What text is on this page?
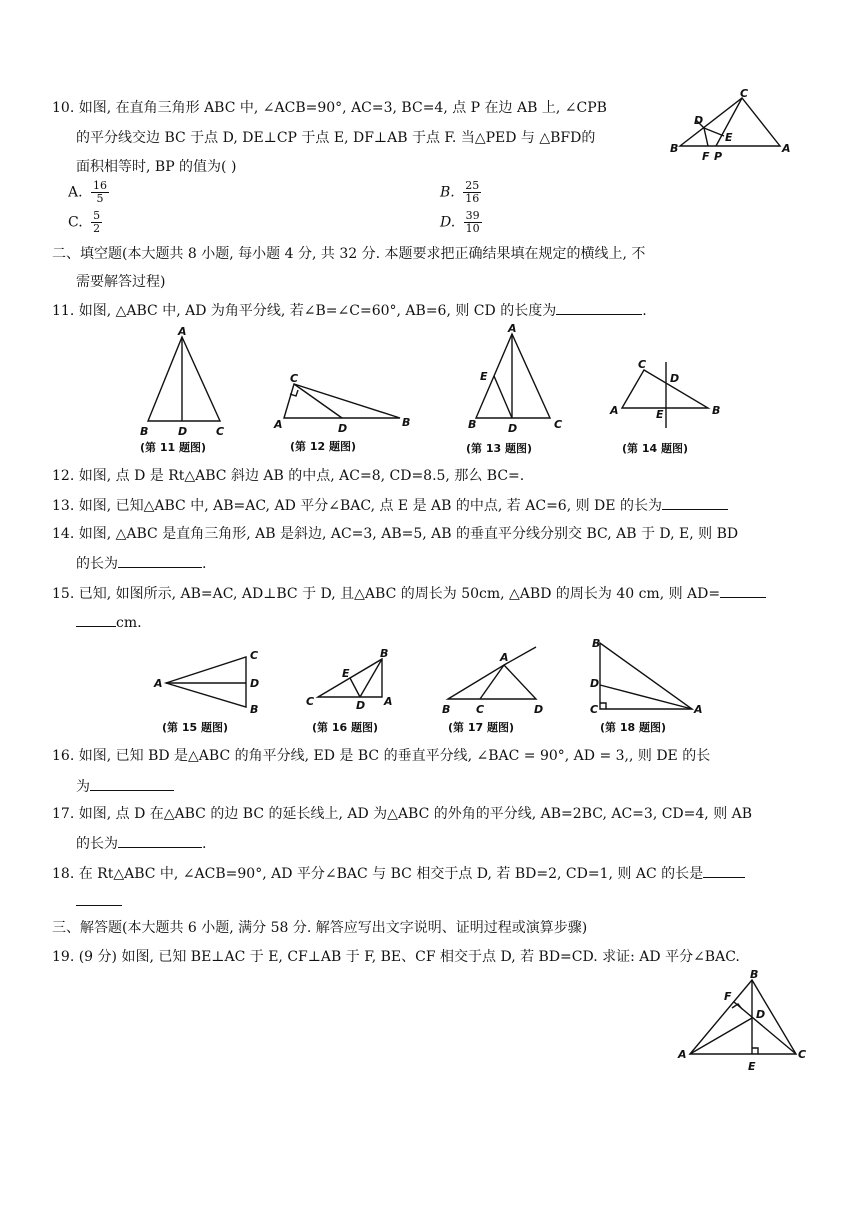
10. 如图, 在直角三角形 ABC 中, ∠ACB=90°, AC=3, BC=4, 点 P 在边 AB 上, ∠CPB
的平分线交边 BC 于点 D, DE⊥CP 于点 E, DF⊥AB 于点 F. 当△PED 与 △BFD的
面积相等时, BP 的值为( )
A. $\frac{16}{5}$	B. $\frac{25}{16}$
C. $\frac{5}{2}$	D. $\frac{39}{10}$
C
D
E
B
F P
A
二、填空题(本大题共 8 小题, 每小题 4 分, 共 32 分. 本题要求把正确结果填在规定的横线上, 不
需要解答过程)
11. 如图, △ABC 中, AD 为角平分线, 若∠B=∠C=60°, AB=6, 则 CD 的长度为	.
A
B	D	C
(第 11 题图)
C
A	D	B
(第 12 题图)
A
E
B	D	C
(第 13 题图)
C
D
A	E	B
(第 14 题图)
12. 如图, 点 D 是 Rt△ABC 斜边 AB 的中点, AC=8, CD=8.5, 那么 BC=.
13. 如图, 已知△ABC 中, AB=AC, AD 平分∠BAC, 点 E 是 AB 的中点, 若 AC=6, 则 DE 的长为
14. 如图, △ABC 是直角三角形, AB 是斜边, AC=3, AB=5, AB 的垂直平分线分别交 BC, AB 于 D, E, 则 BD
的长为	.
15. 已知, 如图所示, AB=AC, AD⊥BC 于 D, 且△ABC 的周长为 50cm, △ABD 的周长为 40 cm, 则 AD=
cm.
C
A	D
B
(第 15 题图)
B
E
C	D A
(第 16 题图)
A
B C	D
(第 17 题图)
B
D
C	A
(第 18 题图)
16. 如图, 已知 BD 是△ABC 的角平分线, ED 是 BC 的垂直平分线, ∠BAC = 90°, AD = 3,, 则 DE 的长
为
17. 如图, 点 D 在△ABC 的边 BC 的延长线上, AD 为△ABC 的外角的平分线, AB=2BC, AC=3, CD=4, 则 AB
的长为	.
18. 在 Rt△ABC 中, ∠ACB=90°, AD 平分∠BAC 与 BC 相交于点 D, 若 BD=2, CD=1, 则 AC 的长是
三、解答题(本大题共 6 小题, 满分 58 分. 解答应写出文字说明、证明过程或演算步骤)
19. (9 分) 如图, 已知 BE⊥AC 于 E, CF⊥AB 于 F, BE、CF 相交于点 D, 若 BD=CD. 求证: AD 平分∠BAC.
B
F
D
A
E
C
